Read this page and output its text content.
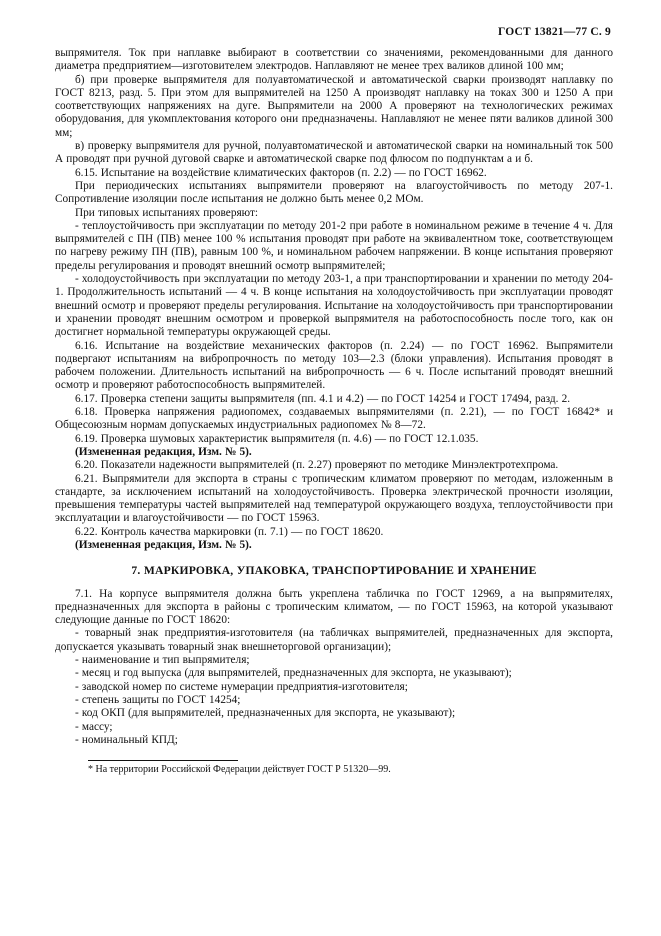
ГОСТ 13821—77 С. 9

выпрямителя. Ток при наплавке выбирают в соответствии со значениями, рекомендованными для данного диаметра предприятием—изготовителем электродов. Наплавляют не менее трех валиков длиной 100 мм;

б) при проверке выпрямителя для полуавтоматической и автоматической сварки производят наплавку по ГОСТ 8213, разд. 5. При этом для выпрямителей на 1250 А производят наплавку на токах 300 и 1250 А при соответствующих напряжениях на дуге. Выпрямители на 2000 А проверяют на технологических режимах оборудования, для укомплектования которого они предназначены. Наплавляют не менее пяти валиков длиной 300 мм;

в) проверку выпрямителя для ручной, полуавтоматической и автоматической сварки на номинальный ток 500 А проводят при ручной дуговой сварке и автоматической сварке под флюсом по подпунктам а и б.

6.15. Испытание на воздействие климатических факторов (п. 2.2) — по ГОСТ 16962.

При периодических испытаниях выпрямители проверяют на влагоустойчивость по методу 207-1. Сопротивление изоляции после испытания не должно быть менее 0,2 МОм.

При типовых испытаниях проверяют:

- теплоустойчивость при эксплуатации по методу 201-2 при работе в номинальном режиме в течение 4 ч. Для выпрямителей с ПН (ПВ) менее 100 % испытания проводят при работе на эквивалентном токе, соответствующем по нагреву режиму ПН (ПВ), равным 100 %, и номинальном рабочем напряжении. В конце испытания проверяют пределы регулирования и проводят внешний осмотр выпрямителей;

- холодоустойчивость при эксплуатации по методу 203-1, а при транспортировании и хранении по методу 204-1. Продолжительность испытаний — 4 ч. В конце испытания на холодоустойчивость при эксплуатации проводят внешний осмотр и проверяют пределы регулирования. Испытание на холодоустойчивость при транспортировании и хранении проводят внешним осмотром и проверкой выпрямителя на работоспособность после того, как он достигнет нормальной температуры окружающей среды.

6.16. Испытание на воздействие механических факторов (п. 2.24) — по ГОСТ 16962. Выпрямители подвергают испытаниям на вибропрочность по методу 103—2.3 (блоки управления). Испытания проводят в рабочем положении. Длительность испытаний на вибропрочность — 6 ч. После испытаний проводят внешний осмотр и проверяют работоспособность выпрямителей.

6.17. Проверка степени защиты выпрямителя (пп. 4.1 и 4.2) — по ГОСТ 14254 и ГОСТ 17494, разд. 2.

6.18. Проверка напряжения радиопомех, создаваемых выпрямителями (п. 2.21), — по ГОСТ 16842* и Общесоюзным нормам допускаемых индустриальных радиопомех № 8—72.

6.19. Проверка шумовых характеристик выпрямителя (п. 4.6) — по ГОСТ 12.1.035.

(Измененная редакция, Изм. № 5).

6.20. Показатели надежности выпрямителей (п. 2.27) проверяют по методике Минэлектротехпрома.

6.21. Выпрямители для экспорта в страны с тропическим климатом проверяют по методам, изложенным в стандарте, за исключением испытаний на холодоустойчивость. Проверка электрической прочности изоляции, превышения температуры частей выпрямителей над температурой окружающего воздуха, теплоустойчивости при эксплуатации и влагоустойчивости — по ГОСТ 15963.

6.22. Контроль качества маркировки (п. 7.1) — по ГОСТ 18620.

(Измененная редакция, Изм. № 5).

7. МАРКИРОВКА, УПАКОВКА, ТРАНСПОРТИРОВАНИЕ И ХРАНЕНИЕ

7.1. На корпусе выпрямителя должна быть укреплена табличка по ГОСТ 12969, а на выпрямителях, предназначенных для экспорта в районы с тропическим климатом, — по ГОСТ 15963, на которой указывают следующие данные по ГОСТ 18620:

- товарный знак предприятия-изготовителя (на табличках выпрямителей, предназначенных для экспорта, допускается указывать товарный знак внешнеторговой организации);

- наименование и тип выпрямителя;

- месяц и год выпуска (для выпрямителей, предназначенных для экспорта, не указывают);

- заводской номер по системе нумерации предприятия-изготовителя;

- степень защиты по ГОСТ 14254;

- код ОКП (для выпрямителей, предназначенных для экспорта, не указывают);

- массу;

- номинальный КПД;

* На территории Российской Федерации действует ГОСТ Р 51320—99.
